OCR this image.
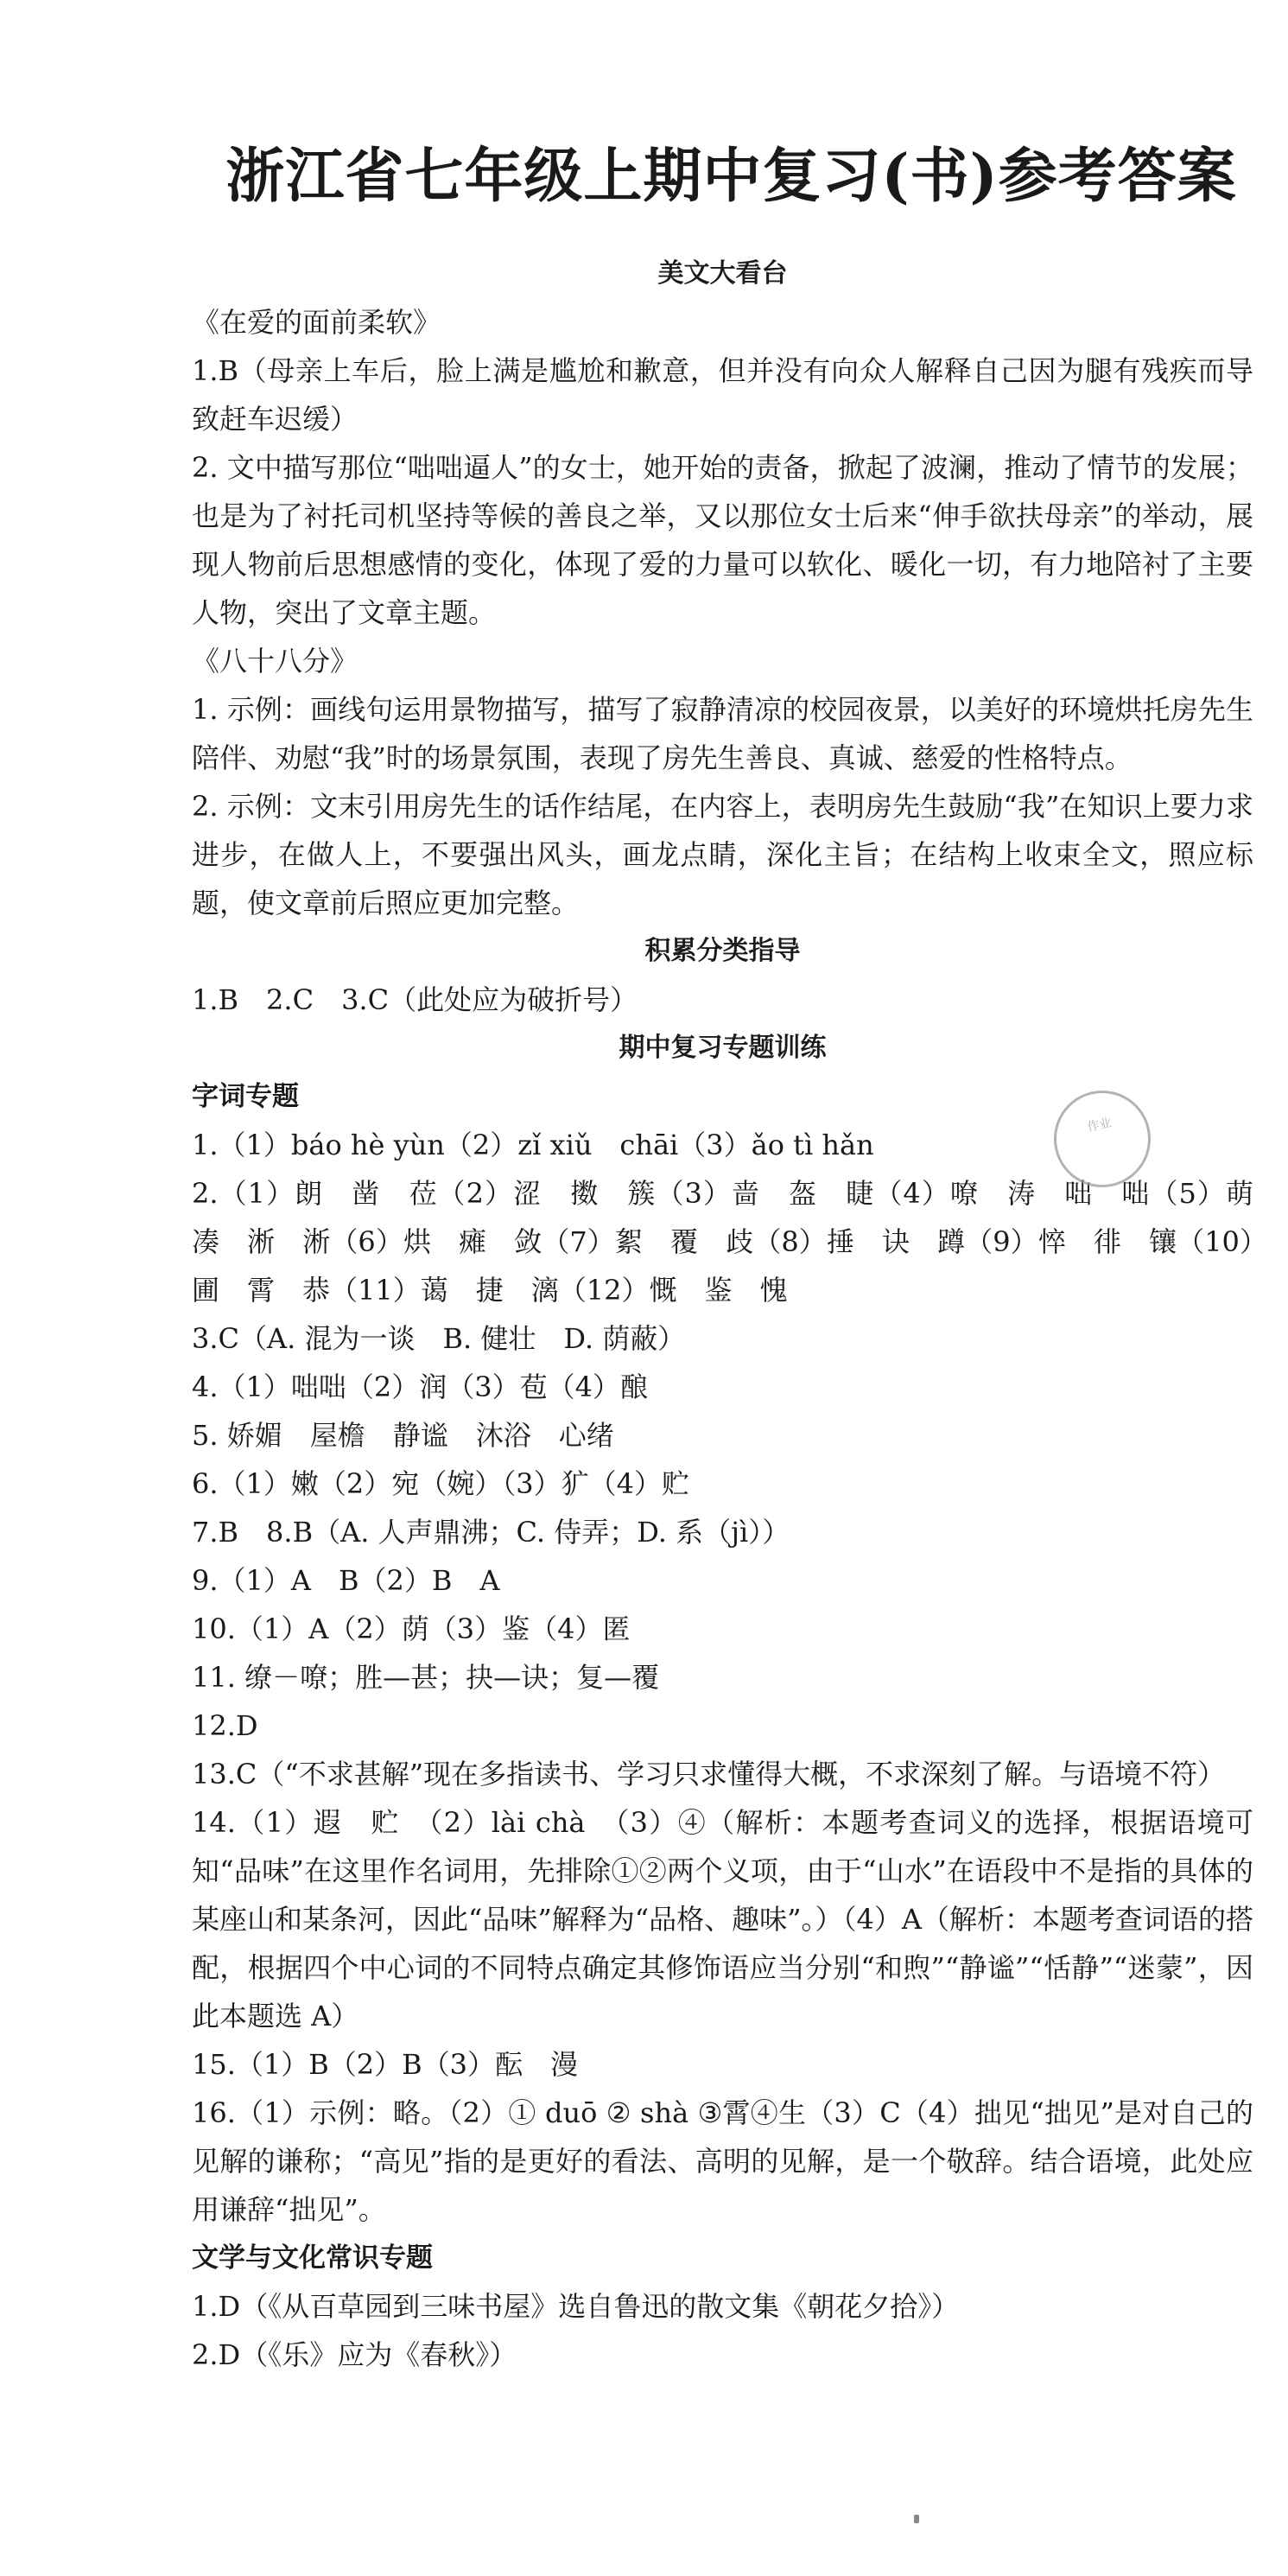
浙江省七年级上期中复习(书)参考答案
美文大看台
《在爱的面前柔软》

1.B（母亲上车后，脸上满是尴尬和歉意，但并没有向众人解释自己因为腿有残疾而导致赶车迟缓）

2. 文中描写那位“咄咄逼人”的女士，她开始的责备，掀起了波澜，推动了情节的发展；也是为了衬托司机坚持等候的善良之举，又以那位女士后来“伸手欲扶母亲”的举动，展现人物前后思想感情的变化，体现了爱的力量可以软化、暖化一切，有力地陪衬了主要人物，突出了文章主题。

《八十八分》

1. 示例：画线句运用景物描写，描写了寂静清凉的校园夜景，以美好的环境烘托房先生陪伴、劝慰“我”时的场景氛围，表现了房先生善良、真诚、慈爱的性格特点。

2. 示例：文末引用房先生的话作结尾，在内容上，表明房先生鼓励“我”在知识上要力求进步，在做人上，不要强出风头，画龙点睛，深化主旨；在结构上收束全文，照应标题，使文章前后照应更加完整。

积累分类指导

1.B　2.C　3.C（此处应为破折号）

期中复习专题训练
字词专题

1.（1）báo hè yùn（2）zǐ xiǔ　chāi（3）ǎo tì hǎn

2.（1）朗　凿　莅（2）涩　擞　簇（3）啬　盔　睫（4）嘹　涛　咄　咄（5）萌　凑　淅　淅（6）烘　瘫　敛（7）絮　覆　歧（8）捶　诀　蹲（9）悴　徘　镶（10）圃　霄　恭（11）蔼　捷　漓（12）慨　鉴　愧

3.C（A. 混为一谈　B. 健壮　D. 荫蔽）

4.（1）咄咄（2）润（3）苞（4）酿

5. 娇媚　屋檐　静谧　沐浴　心绪

6.（1）嫩（2）宛（婉）（3）犷（4）贮

7.B　8.B（A. 人声鼎沸；C. 侍弄；D. 系（jì））

9.（1）A　B（2）B　A

10.（1）A（2）荫（3）鉴（4）匿

11. 缭－嘹；胜—甚；抉—诀；复—覆

12.D

13.C（“不求甚解”现在多指读书、学习只求懂得大概，不求深刻了解。与语境不符）

14.（1）遐　贮　（2）lài chà　（3）④（解析：本题考查词义的选择，根据语境可知“品味”在这里作名词用，先排除①②两个义项，由于“山水”在语段中不是指的具体的某座山和某条河，因此“品味”解释为“品格、趣味”。）（4）A（解析：本题考查词语的搭配，根据四个中心词的不同特点确定其修饰语应当分别“和煦”“静谧”“恬静”“迷蒙”，因此本题选 A）

15.（1）B（2）B（3）酝　漫

16.（1）示例：略。（2）① duō ② shà ③霄④生（3）C（4）拙见“拙见”是对自己的见解的谦称；“高见”指的是更好的看法、高明的见解，是一个敬辞。结合语境，此处应用谦辞“拙见”。

文学与文化常识专题

1.D（《从百草园到三味书屋》选自鲁迅的散文集《朝花夕拾》）

2.D（《乐》应为《春秋》）

作业
